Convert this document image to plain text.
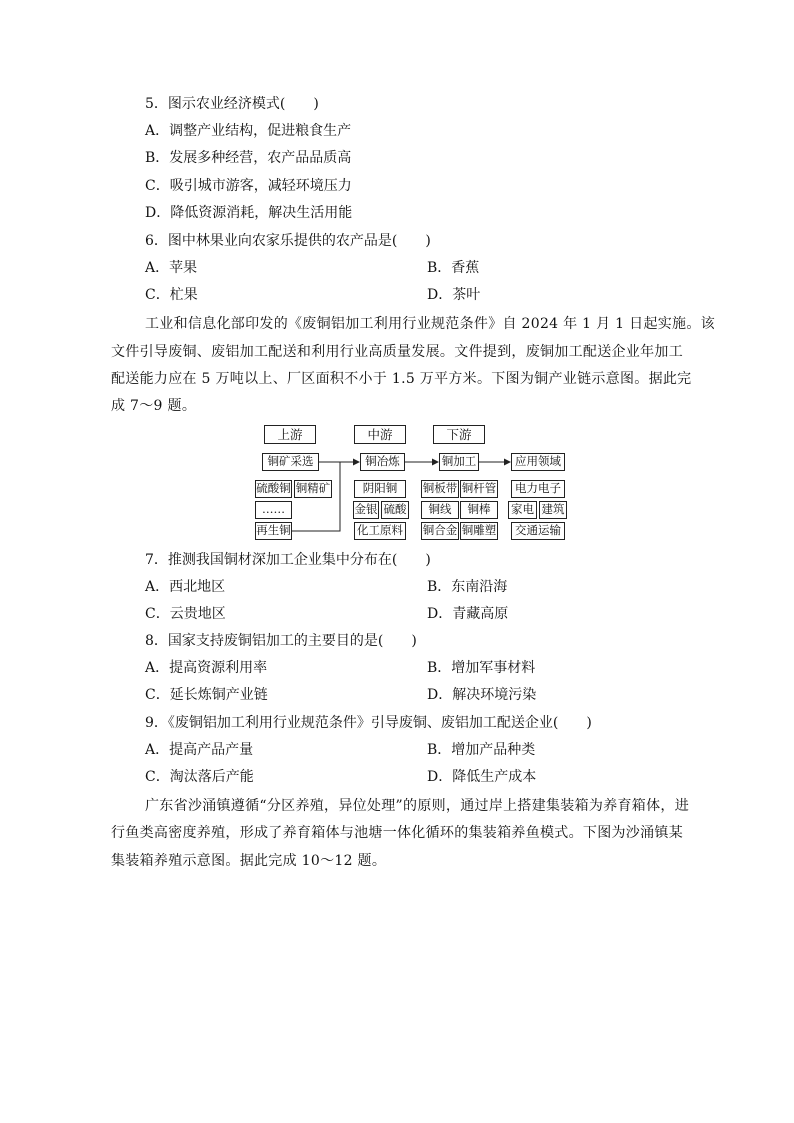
5．图示农业经济模式(　　)
A．调整产业结构，促进粮食生产
B．发展多种经营，农产品品质高
C．吸引城市游客，减轻环境压力
D．降低资源消耗，解决生活用能
6．图中林果业向农家乐提供的农产品是(　　)
A．苹果	B．香蕉
C．杧果	D．茶叶
工业和信息化部印发的《废铜铝加工利用行业规范条件》自 2024 年 1 月 1 日起实施。该
文件引导废铜、废铝加工配送和利用行业高质量发展。文件提到，废铜加工配送企业年加工
配送能力应在 5 万吨以上、厂区面积不小于 1.5 万平方米。下图为铜产业链示意图。据此完
成 7～9 题。
上游	中游	下游
铜矿采选	铜冶炼	铜加工	应用领域
硫酸铜 铜精矿
……
再生铜
阴阳铜
金银 硫酸
化工原料
铜板带 铜杆管
铜线	铜棒
铜合金 铜雕塑
电力电子
家电 建筑
交通运输
7．推测我国铜材深加工企业集中分布在(　　)
A．西北地区	B．东南沿海
C．云贵地区	D．青藏高原
8．国家支持废铜铝加工的主要目的是(　　)
A．提高资源利用率	B．增加军事材料
C．延长炼铜产业链	D．解决环境污染
9．《废铜铝加工利用行业规范条件》引导废铜、废铝加工配送企业(　　)
A．提高产品产量	B．增加产品种类
C．淘汰落后产能	D．降低生产成本
广东省沙涌镇遵循“分区养殖，异位处理”的原则，通过岸上搭建集装箱为养育箱体，进
行鱼类高密度养殖，形成了养育箱体与池塘一体化循环的集装箱养鱼模式。下图为沙涌镇某
集装箱养殖示意图。据此完成 10～12 题。
